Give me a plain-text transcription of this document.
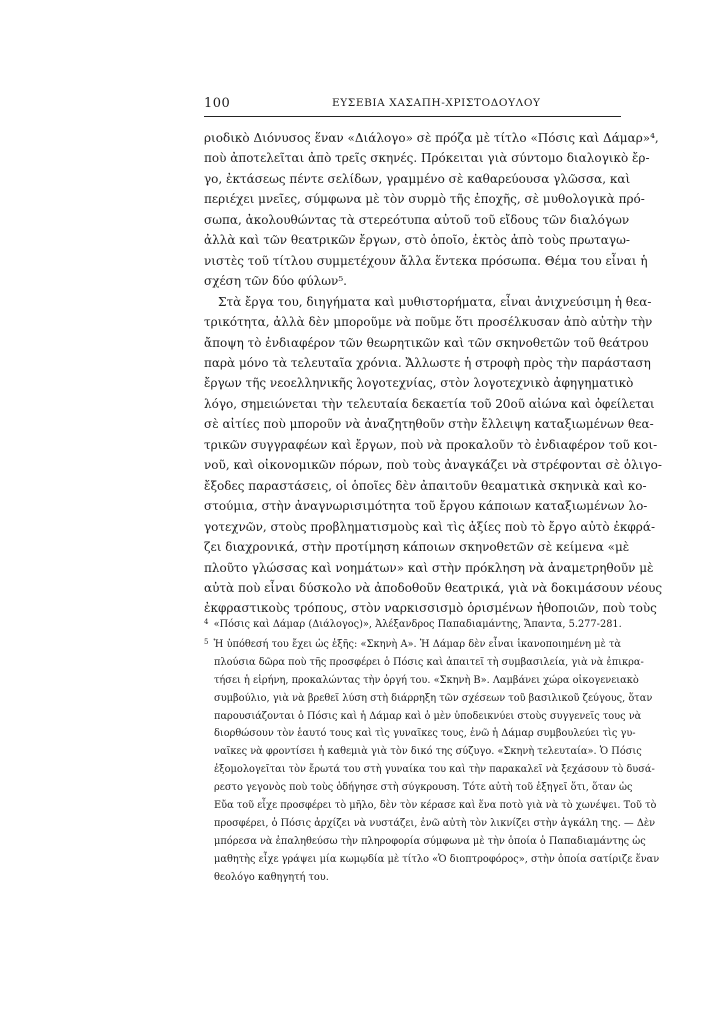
100	ΕΥΣΕΒΙΑ ΧΑΣΑΠΗ-ΧΡΙΣΤΟΔΟΥΛΟΥ

ριοδικὸ Διόνυσος ἕναν «Διάλογο» σὲ πρόζα μὲ τίτλο «Πόσις καὶ Δάμαρ»⁴,

ποὺ ἀποτελεῖται ἀπὸ τρεῖς σκηνές. Πρόκειται γιὰ σύντομο διαλογικὸ ἔρ-

γο, ἐκτάσεως πέντε σελίδων, γραμμένο σὲ καθαρεύουσα γλῶσσα, καὶ

περιέχει μνεῖες, σύμφωνα μὲ τὸν συρμὸ τῆς ἐποχῆς, σὲ μυθολογικὰ πρό-

σωπα, ἀκολουθώντας τὰ στερεότυπα αὐτοῦ τοῦ εἴδους τῶν διαλόγων

ἀλλὰ καὶ τῶν θεατρικῶν ἔργων, στὸ ὁποῖο, ἐκτὸς ἀπὸ τοὺς πρωταγω-

νιστὲς τοῦ τίτλου συμμετέχουν ἄλλα ἕντεκα πρόσωπα. Θέμα του εἶναι ἡ

σχέση τῶν δύο φύλων⁵.

Στὰ ἔργα του, διηγήματα καὶ μυθιστορήματα, εἶναι ἀνιχνεύσιμη ἡ θεα-

τρικότητα, ἀλλὰ δὲν μποροῦμε νὰ ποῦμε ὅτι προσέλκυσαν ἀπὸ αὐτὴν τὴν

ἄποψη τὸ ἐνδιαφέρον τῶν θεωρητικῶν καὶ τῶν σκηνοθετῶν τοῦ θεάτρου

παρὰ μόνο τὰ τελευταῖα χρόνια. Ἄλλωστε ἡ στροφὴ πρὸς τὴν παράσταση

ἔργων τῆς νεοελληνικῆς λογοτεχνίας, στὸν λογοτεχνικὸ ἀφηγηματικὸ

λόγο, σημειώνεται τὴν τελευταία δεκαετία τοῦ 20οῦ αἰώνα καὶ ὀφείλεται

σὲ αἰτίες ποὺ μποροῦν νὰ ἀναζητηθοῦν στὴν ἔλλειψη καταξιωμένων θεα-

τρικῶν συγγραφέων καὶ ἔργων, ποὺ νὰ προκαλοῦν τὸ ἐνδιαφέρον τοῦ κοι-

νοῦ, καὶ οἰκονομικῶν πόρων, ποὺ τοὺς ἀναγκάζει νὰ στρέφονται σὲ ὀλιγο-

ἔξοδες παραστάσεις, οἱ ὁποῖες δὲν ἀπαιτοῦν θεαματικὰ σκηνικὰ καὶ κο-

στούμια, στὴν ἀναγνωρισιμότητα τοῦ ἔργου κάποιων καταξιωμένων λο-

γοτεχνῶν, στοὺς προβληματισμοὺς καὶ τὶς ἀξίες ποὺ τὸ ἔργο αὐτὸ ἐκφρά-

ζει διαχρονικά, στὴν προτίμηση κάποιων σκηνοθετῶν σὲ κείμενα «μὲ

πλοῦτο γλώσσας καὶ νοημάτων» καὶ στὴν πρόκληση νὰ ἀναμετρηθοῦν μὲ

αὐτὰ ποὺ εἶναι δύσκολο νὰ ἀποδοθοῦν θεατρικά, γιὰ νὰ δοκιμάσουν νέους

ἐκφραστικοὺς τρόπους, στὸν ναρκισσισμὸ ὁρισμένων ἠθοποιῶν, ποὺ τοὺς

$^4$ «Πόσις καὶ Δάμαρ (Διάλογος)», Ἀλέξανδρος Παπαδιαμάντης, Ἄπαντα, 5.277-281.

$^5$ Ἡ ὑπόθεσή του ἔχει ὡς ἑξῆς: «Σκηνὴ Α». Ἡ Δάμαρ δὲν εἶναι ἱκανοποιημένη μὲ τὰ

πλούσια δῶρα ποὺ τῆς προσφέρει ὁ Πόσις καὶ ἀπαιτεῖ τὴ συμβασιλεία, γιὰ νὰ ἐπικρα-

τήσει ἡ εἰρήνη, προκαλώντας τὴν ὀργή του. «Σκηνὴ Β». Λαμβάνει χώρα οἰκογενειακὸ

συμβούλιο, γιὰ νὰ βρεθεῖ λύση στὴ διάρρηξη τῶν σχέσεων τοῦ βασιλικοῦ ζεύγους, ὅταν

παρουσιάζονται ὁ Πόσις καὶ ἡ Δάμαρ καὶ ὁ μὲν ὑποδεικνύει στοὺς συγγενεῖς τους νὰ

διορθώσουν τὸν ἑαυτό τους καὶ τὶς γυναῖκες τους, ἐνῶ ἡ Δάμαρ συμβουλεύει τὶς γυ-

ναῖκες νὰ φροντίσει ἡ καθεμιὰ γιὰ τὸν δικό της σύζυγο. «Σκηνὴ τελευταία». Ὁ Πόσις

ἐξομολογεῖται τὸν ἔρωτά του στὴ γυναίκα του καὶ τὴν παρακαλεῖ νὰ ξεχάσουν τὸ δυσά-

ρεστο γεγονὸς ποὺ τοὺς ὁδήγησε στὴ σύγκρουση. Τότε αὐτὴ τοῦ ἐξηγεῖ ὅτι, ὅταν ὡς

Εὔα τοῦ εἶχε προσφέρει τὸ μῆλο, δὲν τὸν κέρασε καὶ ἕνα ποτὸ γιὰ νὰ τὸ χωνέψει. Τοῦ τὸ

προσφέρει, ὁ Πόσις ἀρχίζει νὰ νυστάζει, ἐνῶ αὐτὴ τὸν λικνίζει στὴν ἀγκάλη της. — Δὲν

μπόρεσα νὰ ἐπαληθεύσω τὴν πληροφορία σύμφωνα μὲ τὴν ὁποία ὁ Παπαδιαμάντης ὡς

μαθητὴς εἶχε γράψει μία κωμῳδία μὲ τίτλο «Ὁ διοπτροφόρος», στὴν ὁποία σατίριζε ἕναν

θεολόγο καθηγητή του.
